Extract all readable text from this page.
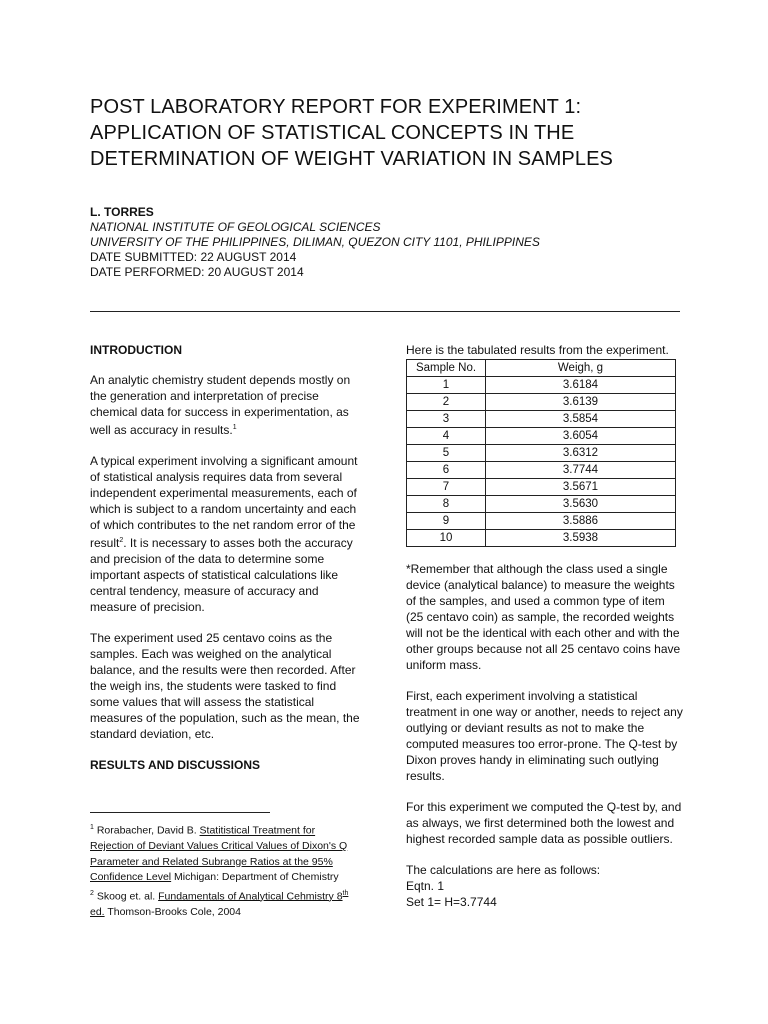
POST LABORATORY REPORT FOR EXPERIMENT 1: APPLICATION OF STATISTICAL CONCEPTS IN THE DETERMINATION OF WEIGHT VARIATION IN SAMPLES
L. TORRES
NATIONAL INSTITUTE OF GEOLOGICAL SCIENCES
UNIVERSITY OF THE PHILIPPINES, DILIMAN, QUEZON CITY 1101, PHILIPPINES
DATE SUBMITTED: 22 AUGUST 2014
DATE PERFORMED: 20 AUGUST 2014
INTRODUCTION

An analytic chemistry student depends mostly on the generation and interpretation of precise chemical data for success in experimentation, as well as accuracy in results.$^1$

A typical experiment involving a significant amount of statistical analysis requires data from several independent experimental measurements, each of which is subject to a random uncertainty and each of which contributes to the net random error of the result$^2$. It is necessary to asses both the accuracy and precision of the data to determine some important aspects of statistical calculations like central tendency, measure of accuracy and measure of precision.

The experiment used 25 centavo coins as the samples. Each was weighed on the analytical balance, and the results were then recorded. After the weigh ins, the students were tasked to find some values that will assess the statistical measures of the population, such as the mean, the standard deviation, etc.

RESULTS AND DISCUSSIONS
$^1$ Rorabacher, David B. Statitistical Treatment for Rejection of Deviant Values Critical Values of Dixon's Q Parameter and Related Subrange Ratios at the 95% Confidence Level Michigan: Department of Chemistry
$^2$ Skoog et. al. Fundamentals of Analytical Cehmistry 8th ed. Thomson-Brooks Cole, 2004
Here is the tabulated results from the experiment.
Sample No.	Weigh, g
1	3.6184
2	3.6139
3	3.5854
4	3.6054
5	3.6312
6	3.7744
7	3.5671
8	3.5630
9	3.5886
10	3.5938

*Remember that although the class used a single device (analytical balance) to measure the weights of the samples, and used a common type of item (25 centavo coin) as sample, the recorded weights will not be the identical with each other and with the other groups because not all 25 centavo coins have uniform mass.

First, each experiment involving a statistical treatment in one way or another, needs to reject any outlying or deviant results as not to make the computed measures too error-prone. The Q-test by Dixon proves handy in eliminating such outlying results.

For this experiment we computed the Q-test by, and as always, we first determined both the lowest and highest recorded sample data as possible outliers.

The calculations are here as follows:
Eqtn. 1
Set 1= H=3.7744
